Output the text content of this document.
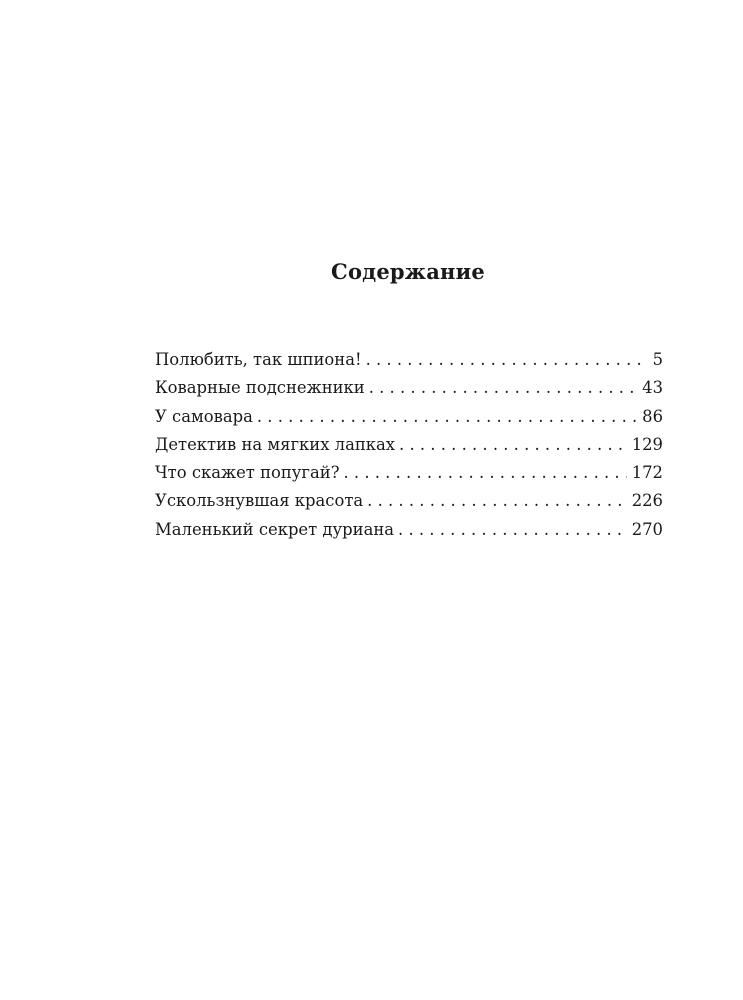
Содержание
Полюбить, так шпиона! . . .	5
Коварные подснежники . . .	43
У самовара . . .	86
Детектив на мягких лапках . . .	129
Что скажет попугай? . . .	172
Ускользнувшая красота . . .	226
Маленький секрет дуриана . . .	270
